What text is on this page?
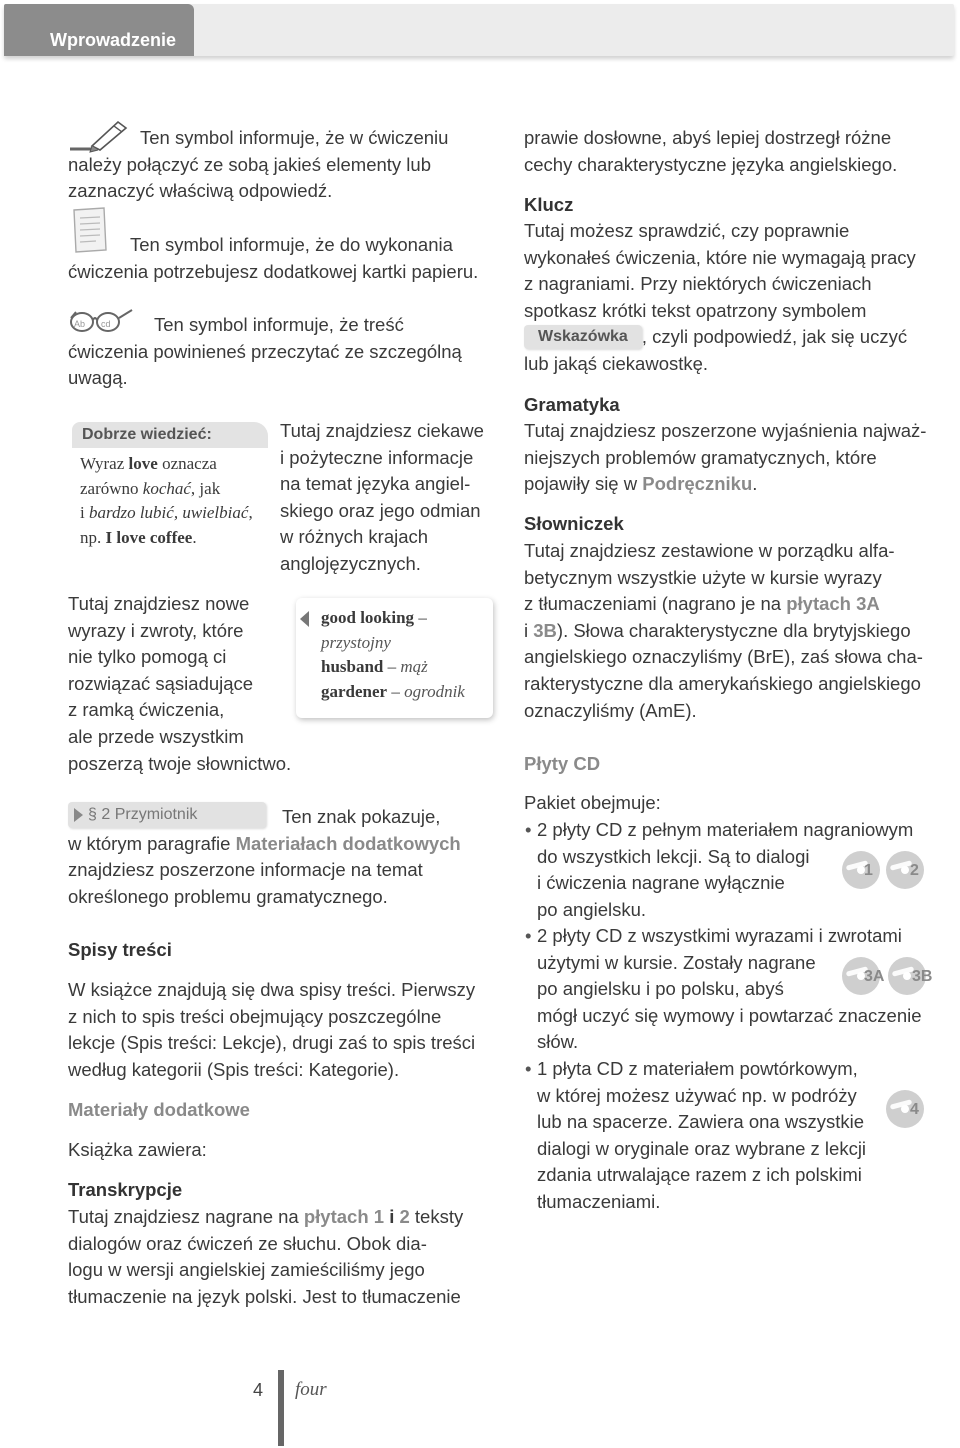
Wprowadzenie
Ten symbol informuje, że w ćwiczeniu
należy połączyć ze sobą jakieś elementy lub
zaznaczyć właściwą odpowiedź.
Ten symbol informuje, że do wykonania
ćwiczenia potrzebujesz dodatkowej kartki papieru.
Ab cd	Ten symbol informuje, że treść
ćwiczenia powinieneś przeczytać ze szczególną
uwagą.
Dobrze wiedzieć:
Wyraz love oznacza
zarówno kochać, jak
i bardzo lubić, uwielbiać,
np. I love coffee.
Tutaj znajdziesz ciekawe
i pożyteczne informacje
na temat języka angiel-
skiego oraz jego odmian
w różnych krajach
anglojęzycznych.
Tutaj znajdziesz nowe
wyrazy i zwroty, które
nie tylko pomogą ci
rozwiązać sąsiadujące
z ramką ćwiczenia,
ale przede wszystkim
poszerzą twoje słownictwo.
good looking –
przystojny
husband – mąż
gardener – ogrodnik
§ 2 Przymiotnik	Ten znak pokazuje,
w którym paragrafie Materiałach dodatkowych
znajdziesz poszerzone informacje na temat
określonego problemu gramatycznego.
Spisy treści
W książce znajdują się dwa spisy treści. Pierwszy
z nich to spis treści obejmujący poszczególne
lekcje (Spis treści: Lekcje), drugi zaś to spis treści
według kategorii (Spis treści: Kategorie).
Materiały dodatkowe
Książka zawiera:
Transkrypcje
Tutaj znajdziesz nagrane na płytach 1 i 2 teksty
dialogów oraz ćwiczeń ze słuchu. Obok dia-
logu w wersji angielskiej zamieściliśmy jego
tłumaczenie na język polski. Jest to tłumaczenie
prawie dosłowne, abyś lepiej dostrzegł różne
cechy charakterystyczne języka angielskiego.
Klucz
Tutaj możesz sprawdzić, czy poprawnie
wykonałeś ćwiczenia, które nie wymagają pracy
z nagraniami. Przy niektórych ćwiczeniach
spotkasz krótki tekst opatrzony symbolem
Wskazówka , czyli podpowiedź, jak się uczyć
lub jakąś ciekawostkę.
Gramatyka
Tutaj znajdziesz poszerzone wyjaśnienia najważ-
niejszych problemów gramatycznych, które
pojawiły się w Podręczniku.
Słowniczek
Tutaj znajdziesz zestawione w porządku alfa-
betycznym wszystkie użyte w kursie wyrazy
z tłumaczeniami (nagrano je na płytach 3A
i 3B). Słowa charakterystyczne dla brytyjskiego
angielskiego oznaczyliśmy (BrE), zaś słowa cha-
rakterystyczne dla amerykańskiego angielskiego
oznaczyliśmy (AmE).
Płyty CD
Pakiet obejmuje:
• 2 płyty CD z pełnym materiałem nagraniowym
do wszystkich lekcji. Są to dialogi
i ćwiczenia nagrane wyłącznie
po angielsku.
• 2 płyty CD z wszystkimi wyrazami i zwrotami
użytymi w kursie. Zostały nagrane
po angielsku i po polsku, abyś
mógł uczyć się wymowy i powtarzać znaczenie
słów.
• 1 płyta CD z materiałem powtórkowym,
w której możesz używać np. w podróży
lub na spacerze. Zawiera ona wszystkie
dialogi w oryginale oraz wybrane z lekcji
zdania utrwalające razem z ich polskimi
tłumaczeniami.
1 2
3A 3B
4
4 four
